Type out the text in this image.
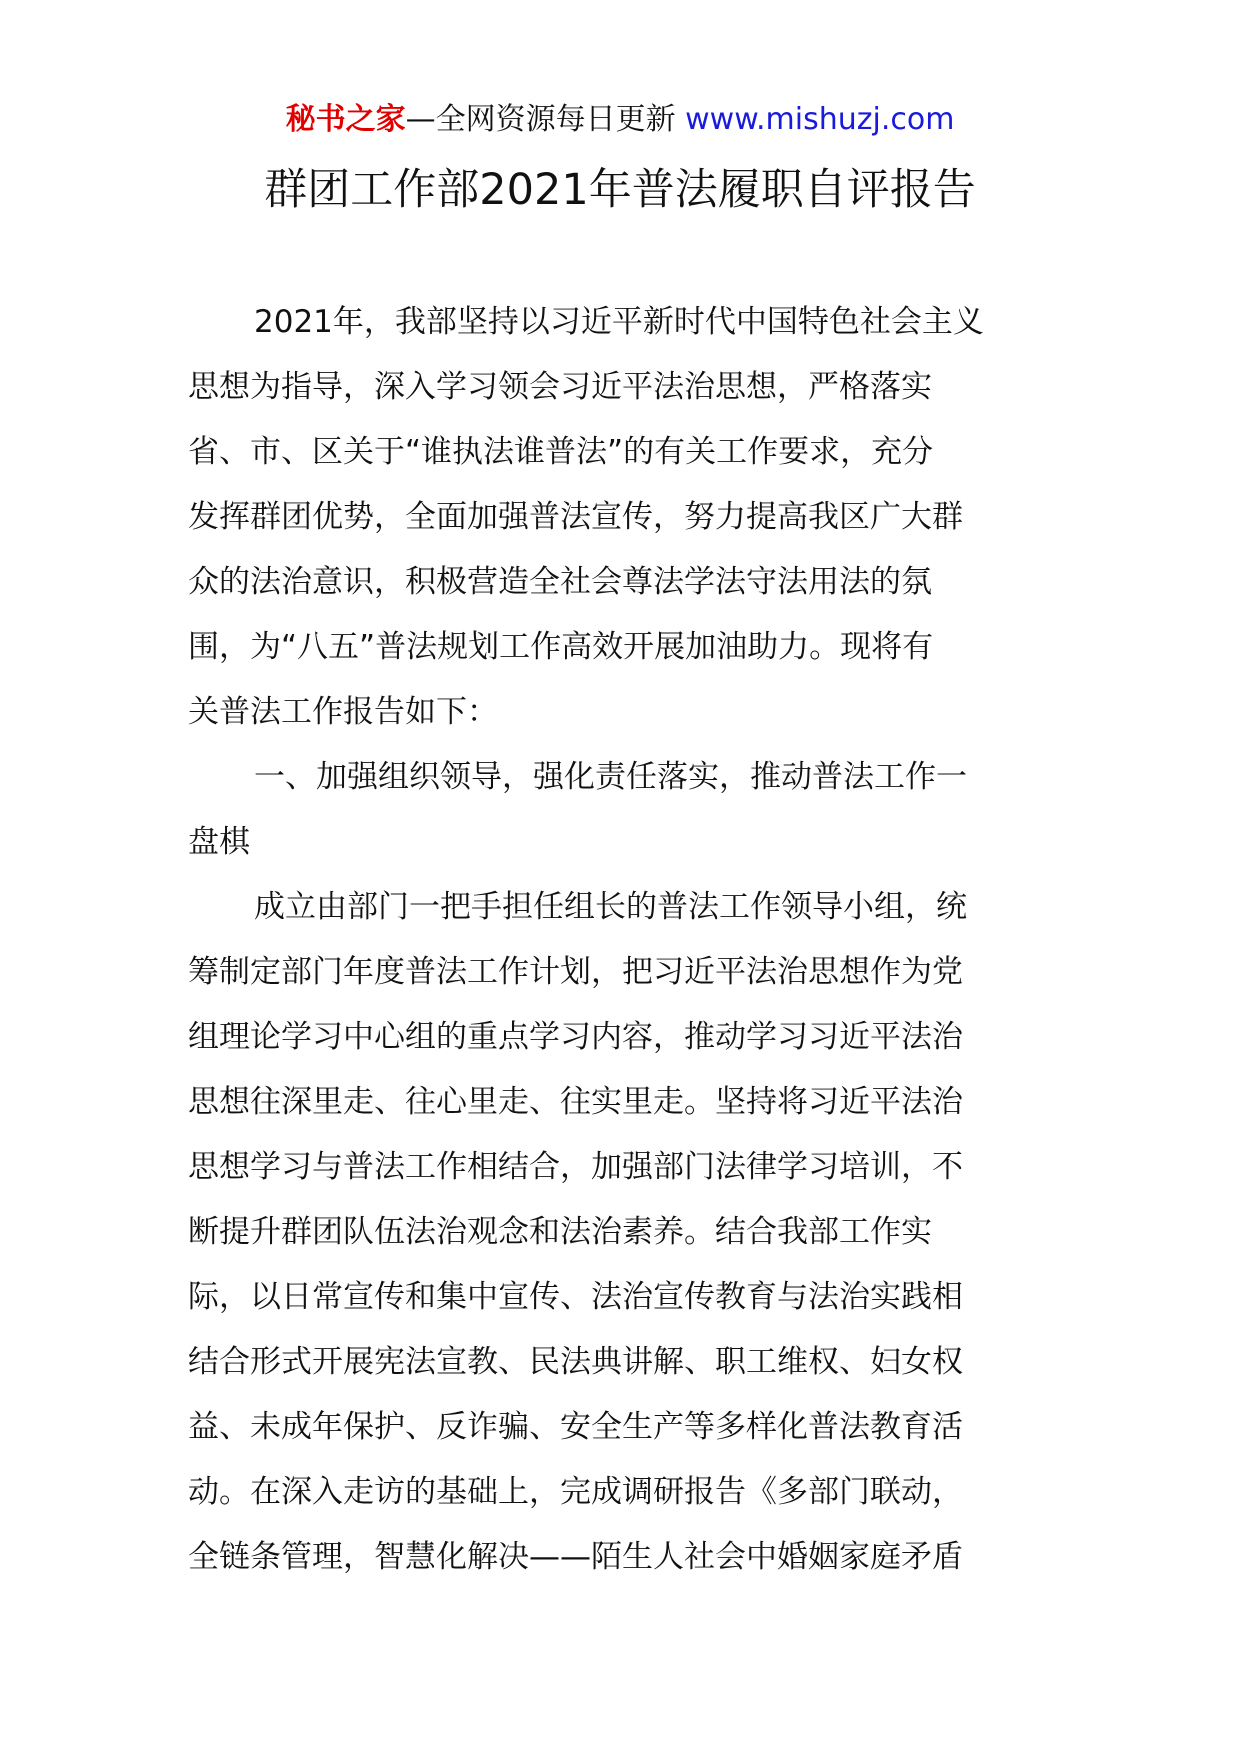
秘书之家—全网资源每日更新 www.mishuzj.com
群团工作部2021年普法履职自评报告
2021年，我部坚持以习近平新时代中国特色社会主义
思想为指导，深入学习领会习近平法治思想，严格落实
省、市、区关于“谁执法谁普法”的有关工作要求，充分
发挥群团优势，全面加强普法宣传，努力提高我区广大群
众的法治意识，积极营造全社会尊法学法守法用法的氛
围，为“八五”普法规划工作高效开展加油助力。现将有
关普法工作报告如下：
一、加强组织领导，强化责任落实，推动普法工作一
盘棋
成立由部门一把手担任组长的普法工作领导小组，统
筹制定部门年度普法工作计划，把习近平法治思想作为党
组理论学习中心组的重点学习内容，推动学习习近平法治
思想往深里走、往心里走、往实里走。坚持将习近平法治
思想学习与普法工作相结合，加强部门法律学习培训，不
断提升群团队伍法治观念和法治素养。结合我部工作实
际，以日常宣传和集中宣传、法治宣传教育与法治实践相
结合形式开展宪法宣教、民法典讲解、职工维权、妇女权
益、未成年保护、反诈骗、安全生产等多样化普法教育活
动。在深入走访的基础上，完成调研报告《多部门联动，
全链条管理，智慧化解决——陌生人社会中婚姻家庭矛盾
